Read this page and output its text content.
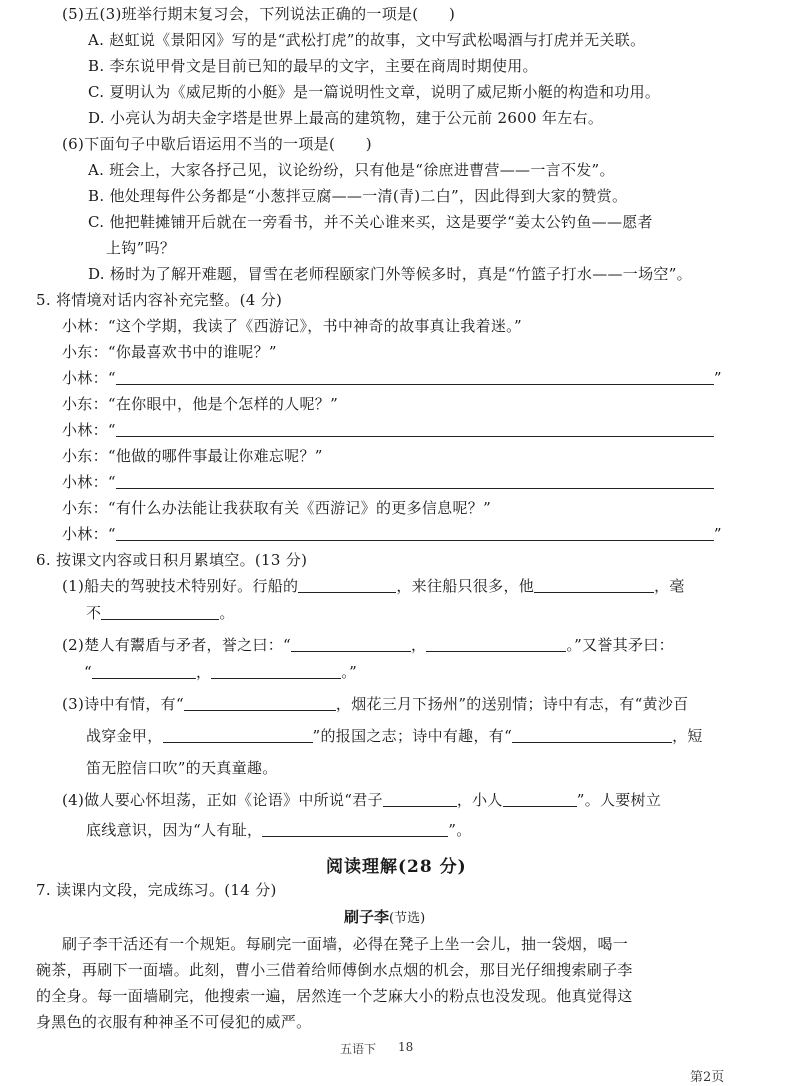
(5)五(3)班举行期末复习会，下列说法正确的一项是(　　)
A. 赵虹说《景阳冈》写的是“武松打虎”的故事，文中写武松喝酒与打虎并无关联。
B. 李东说甲骨文是目前已知的最早的文字，主要在商周时期使用。
C. 夏明认为《威尼斯的小艇》是一篇说明性文章，说明了威尼斯小艇的构造和功用。
D. 小亮认为胡夫金字塔是世界上最高的建筑物，建于公元前 2600 年左右。
(6)下面句子中歇后语运用不当的一项是(　　)
A. 班会上，大家各抒己见，议论纷纷，只有他是“徐庶进曹营——一言不发”。
B. 他处理每件公务都是“小葱拌豆腐——一清(青)二白”，因此得到大家的赞赏。
C. 他把鞋摊铺开后就在一旁看书，并不关心谁来买，这是要学“姜太公钓鱼——愿者
上钩”吗？
D. 杨时为了解开难题，冒雪在老师程颐家门外等候多时，真是“竹篮子打水——一场空”。
5. 将情境对话内容补充完整。(4 分)
小林：“这个学期，我读了《西游记》，书中神奇的故事真让我着迷。”
小东：“你最喜欢书中的谁呢？”
小林：“	”
小东：“在你眼中，他是个怎样的人呢？”
小林：“
小东：“他做的哪件事最让你难忘呢？”
小林：“
小东：“有什么办法能让我获取有关《西游记》的更多信息呢？”
小林：“	”
6. 按课文内容或日积月累填空。(13 分)
(1)船夫的驾驶技术特别好。行船的	，来往船只很多，他	，毫
不	。
(2)楚人有鬻盾与矛者，誉之曰：“	，	。”又誉其矛曰：
“	，	。”
(3)诗中有情，有“	，烟花三月下扬州”的送别情；诗中有志，有“黄沙百
战穿金甲，	”的报国之志；诗中有趣，有“	，短
笛无腔信口吹”的天真童趣。
(4)做人要心怀坦荡，正如《论语》中所说“君子	，小人	”。人要树立
底线意识，因为“人有耻，	”。
阅读理解(28 分)
7. 读课内文段，完成练习。(14 分)
刷子李(节选)
刷子李干活还有一个规矩。每刷完一面墙，必得在凳子上坐一会儿，抽一袋烟，喝一
碗茶，再刷下一面墙。此刻，曹小三借着给师傅倒水点烟的机会，那目光仔细搜索刷子李
的全身。每一面墙刷完，他搜索一遍，居然连一个芝麻大小的粉点也没发现。他真觉得这
身黑色的衣服有种神圣不可侵犯的威严。
五语下 18
第2页
